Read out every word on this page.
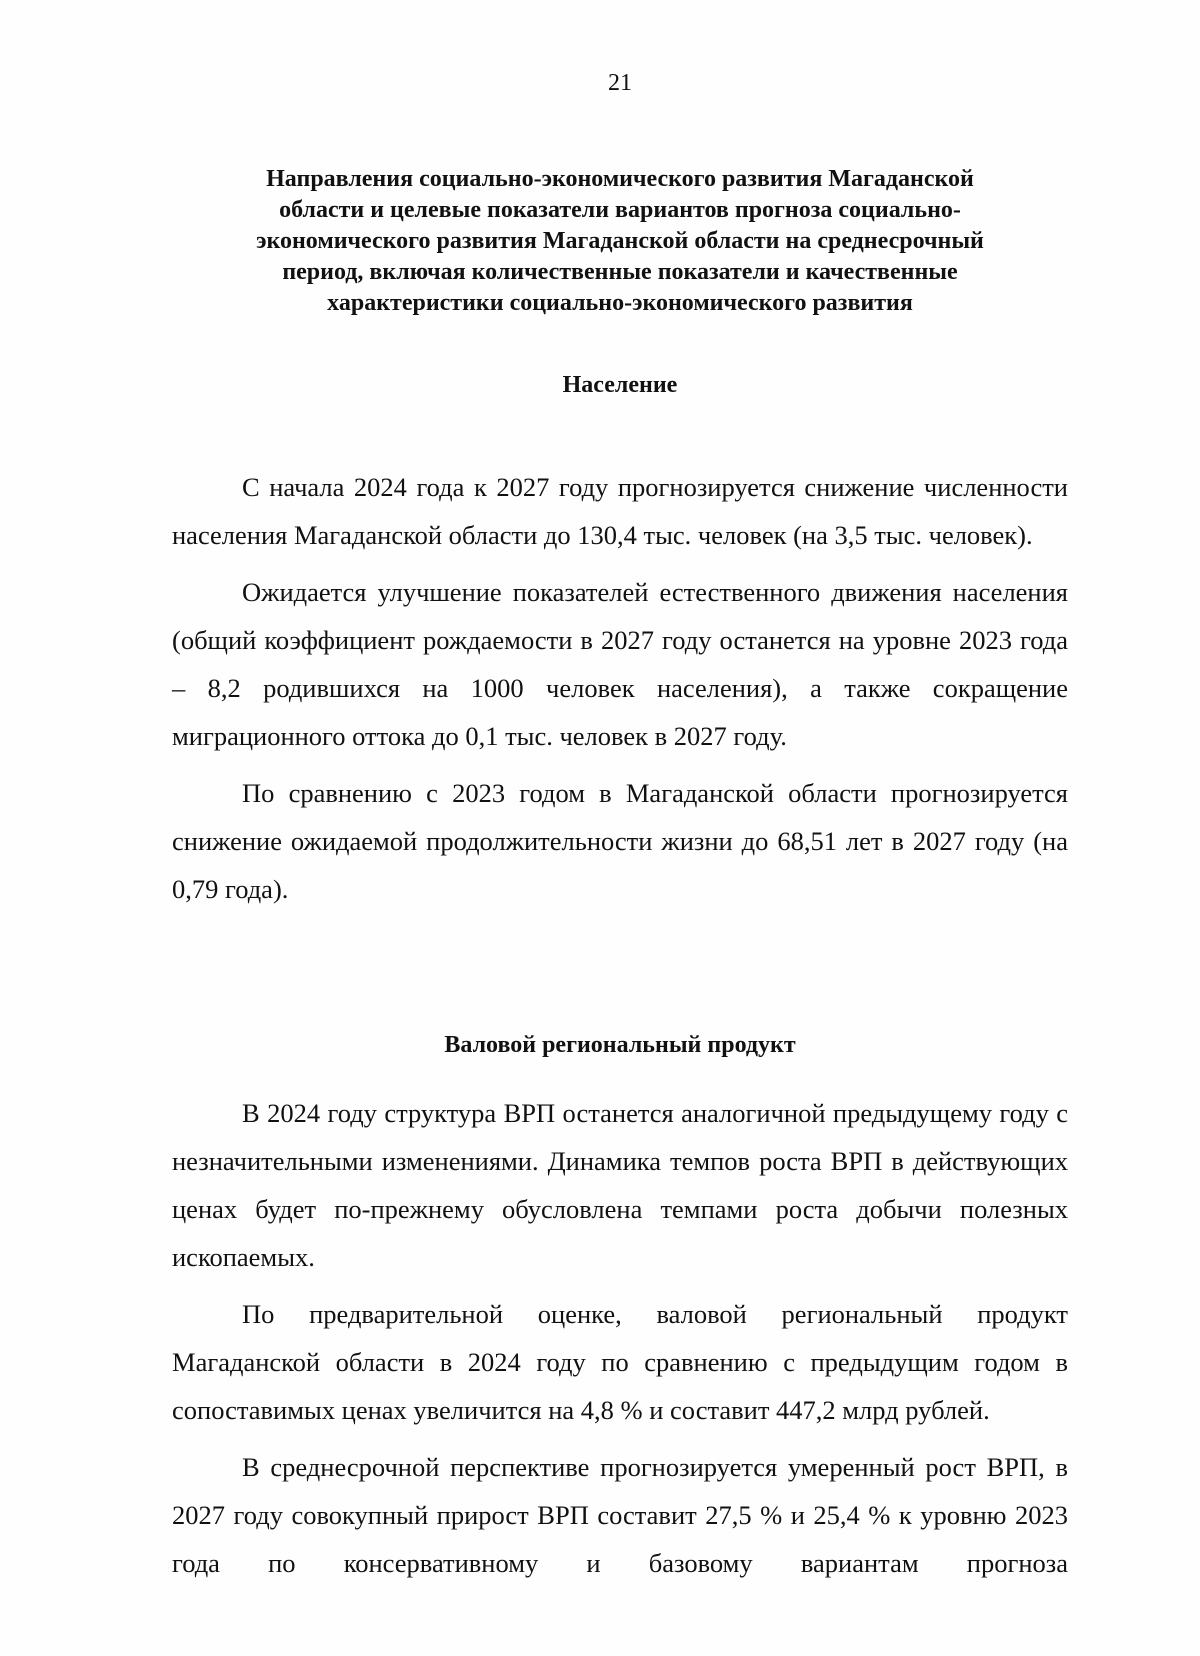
21
Направления социально-экономического развития Магаданской
области и целевые показатели вариантов прогноза социально-
экономического развития Магаданской области на среднесрочный
период, включая количественные показатели и качественные
характеристики социально-экономического развития
Население

С начала 2024 года к 2027 году прогнозируется снижение численности населения Магаданской области до 130,4 тыс. человек (на 3,5 тыс. человек).

Ожидается улучшение показателей естественного движения населения (общий коэффициент рождаемости в 2027 году останется на уровне 2023 года – 8,2 родившихся на 1000 человек населения), а также сокращение миграционного оттока до 0,1 тыс. человек в 2027 году.

По сравнению с 2023 годом в Магаданской области прогнозируется снижение ожидаемой продолжительности жизни до 68,51 лет в 2027 году (на 0,79 года).

Валовой региональный продукт

В 2024 году структура ВРП останется аналогичной предыдущему году с незначительными изменениями. Динамика темпов роста ВРП в действующих ценах будет по-прежнему обусловлена темпами роста добычи полезных ископаемых.

По предварительной оценке, валовой региональный продукт Магаданской области в 2024 году по сравнению с предыдущим годом в сопоставимых ценах увеличится на 4,8 % и составит 447,2 млрд рублей.

В среднесрочной перспективе прогнозируется умеренный рост ВРП, в 2027 году совокупный прирост ВРП составит 27,5 % и 25,4 % к уровню 2023 года по консервативному и базовому вариантам прогноза
